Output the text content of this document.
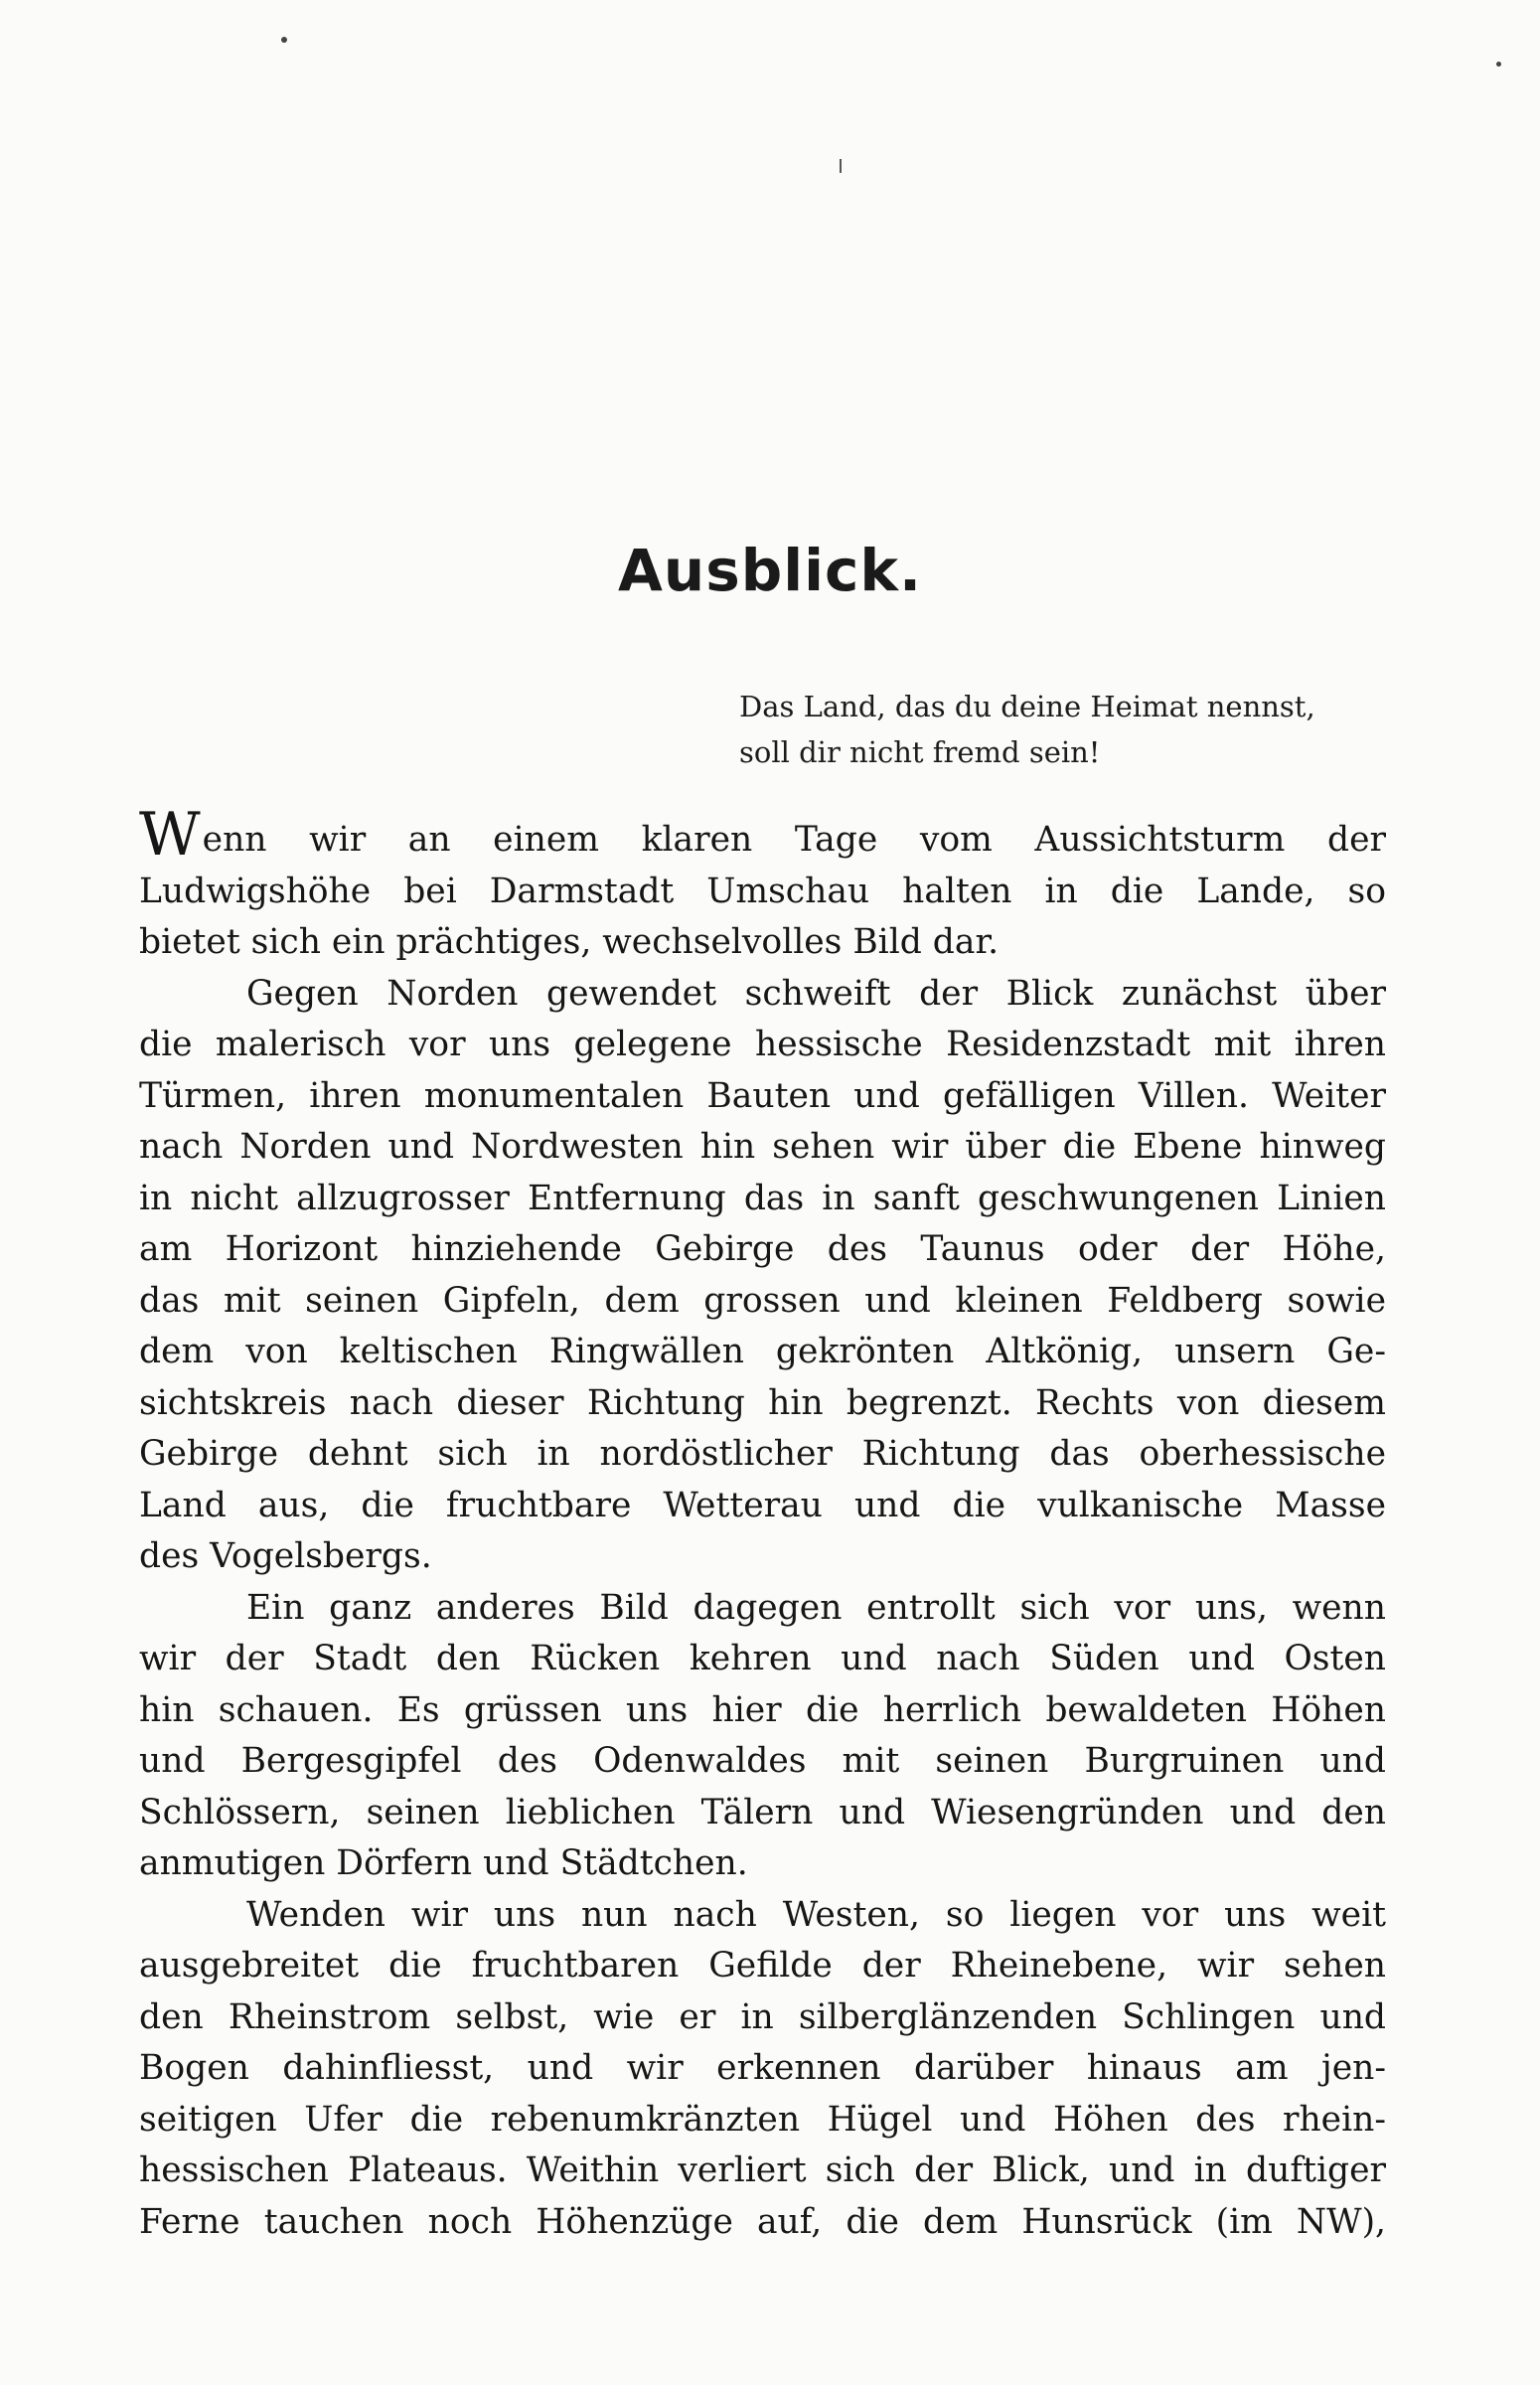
Ausblick.
Das Land, das du deine Heimat nennst,
soll dir nicht fremd sein!
Wenn wir an einem klaren Tage vom Aussichtsturm der
Ludwigshöhe bei Darmstadt Umschau halten in die Lande, so
bietet sich ein prächtiges, wechselvolles Bild dar.
Gegen Norden gewendet schweift der Blick zunächst über
die malerisch vor uns gelegene hessische Residenzstadt mit ihren
Türmen, ihren monumentalen Bauten und gefälligen Villen. Weiter
nach Norden und Nordwesten hin sehen wir über die Ebene hinweg
in nicht allzugrosser Entfernung das in sanft geschwungenen Linien
am Horizont hinziehende Gebirge des Taunus oder der Höhe,
das mit seinen Gipfeln, dem grossen und kleinen Feldberg sowie
dem von keltischen Ringwällen gekrönten Altkönig, unsern Ge-
sichtskreis nach dieser Richtung hin begrenzt. Rechts von diesem
Gebirge dehnt sich in nordöstlicher Richtung das oberhessische
Land aus, die fruchtbare Wetterau und die vulkanische Masse
des Vogelsbergs.
Ein ganz anderes Bild dagegen entrollt sich vor uns, wenn
wir der Stadt den Rücken kehren und nach Süden und Osten
hin schauen. Es grüssen uns hier die herrlich bewaldeten Höhen
und Bergesgipfel des Odenwaldes mit seinen Burgruinen und
Schlössern, seinen lieblichen Tälern und Wiesengründen und den
anmutigen Dörfern und Städtchen.
Wenden wir uns nun nach Westen, so liegen vor uns weit
ausgebreitet die fruchtbaren Gefilde der Rheinebene, wir sehen
den Rheinstrom selbst, wie er in silberglänzenden Schlingen und
Bogen dahinfliesst, und wir erkennen darüber hinaus am jen-
seitigen Ufer die rebenumkränzten Hügel und Höhen des rhein-
hessischen Plateaus. Weithin verliert sich der Blick, und in duftiger
Ferne tauchen noch Höhenzüge auf, die dem Hunsrück (im NW),
